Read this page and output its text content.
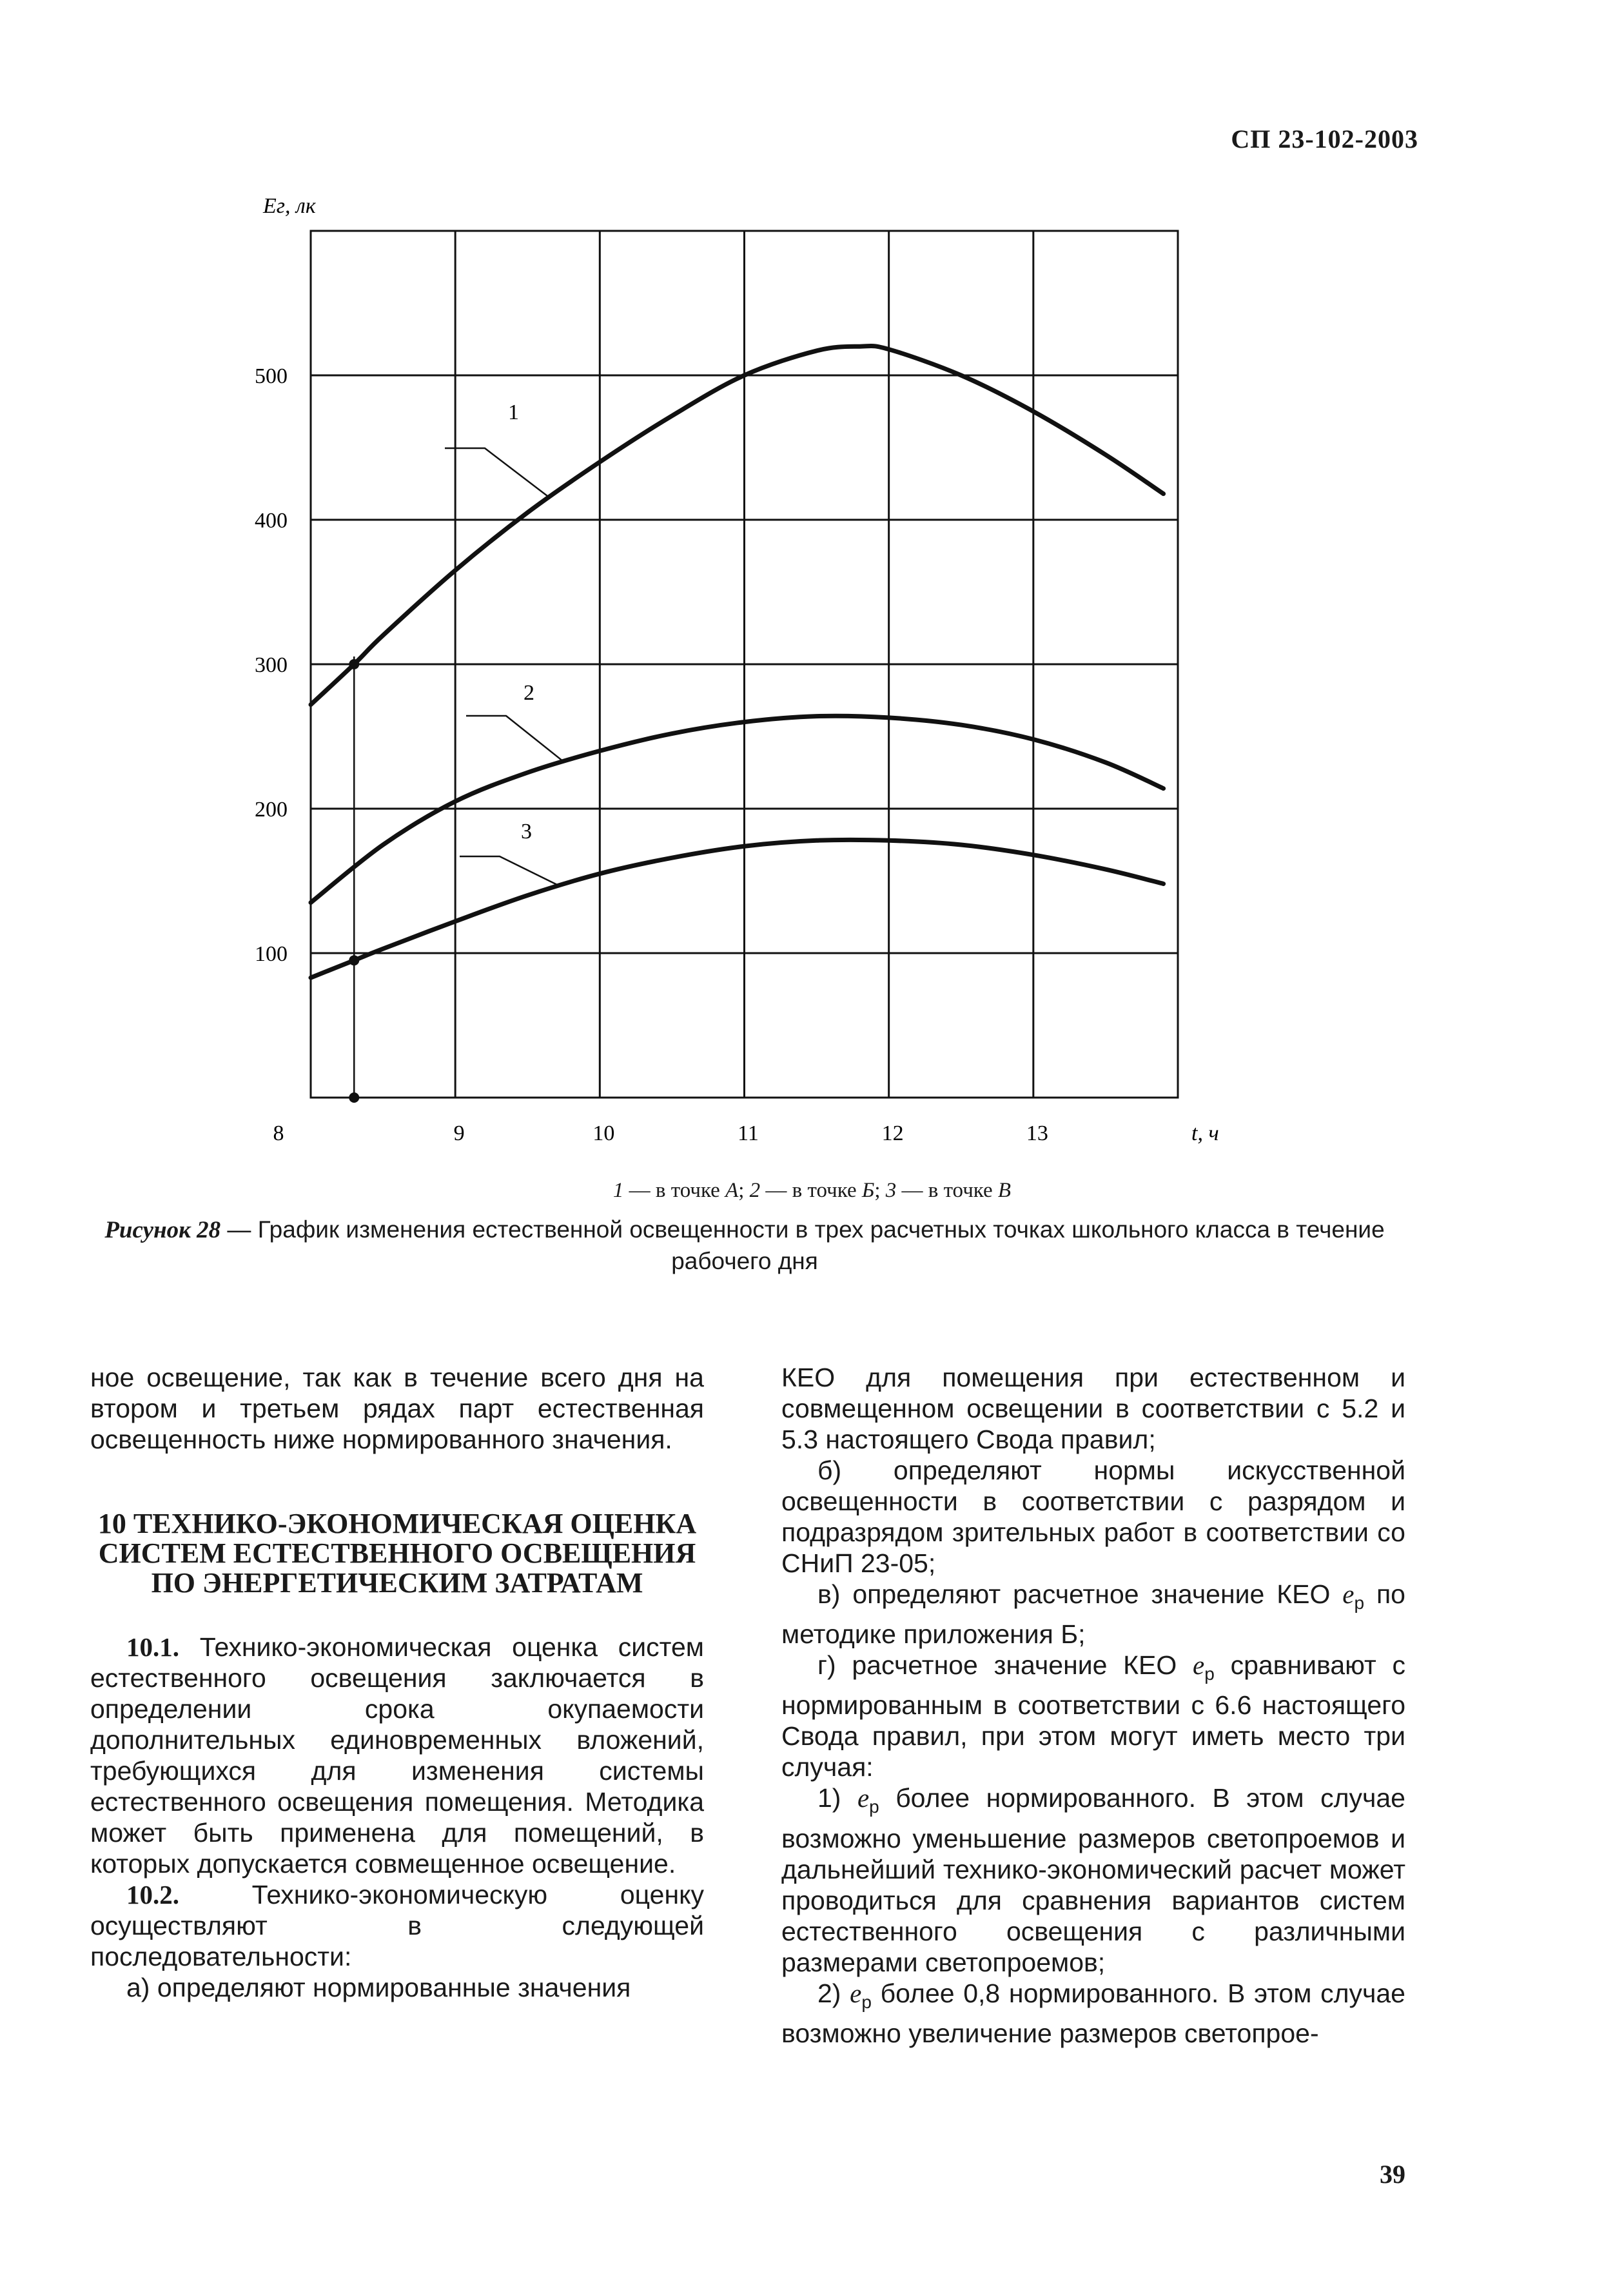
СП 23-102-2003
1
2
3
100
200
300
400
500
8	9	10	11	12	13
Eг, лк
t, ч
1 — в точке А; 2 — в точке Б; 3 — в точке В
Рисунок 28 — График изменения естественной освещенности в трех расчетных точках школьного класса в течение рабочего дня

ное освещение, так как в течение всего дня на втором и третьем рядах парт естественная освещенность ниже нормированного значения.

10 ТЕХНИКО-ЭКОНОМИЧЕСКАЯ ОЦЕНКА СИСТЕМ ЕСТЕСТВЕННОГО ОСВЕЩЕНИЯ ПО ЭНЕРГЕТИЧЕСКИМ ЗАТРАТАМ

10.1. Технико-экономическая оценка систем естественного освещения заключается в определении срока окупаемости дополнительных единовременных вложений, требующихся для изменения системы естественного освещения помещения. Методика может быть применена для помещений, в которых допускается совмещенное освещение.

10.2. Технико-экономическую оценку осуществляют в следующей последовательности:

а) определяют нормированные значения

КЕО для помещения при естественном и совмещенном освещении в соответствии с 5.2 и 5.3 настоящего Свода правил;

б) определяют нормы искусственной освещенности в соответствии с разрядом и подразрядом зрительных работ в соответствии со СНиП 23-05;

в) определяют расчетное значение КЕО $e_р$ по методике приложения Б;

г) расчетное значение КЕО $e_р$ сравнивают с нормированным в соответствии с 6.6 настоящего Свода правил, при этом могут иметь место три случая:

1) $e_р$ более нормированного. В этом случае возможно уменьшение размеров светопроемов и дальнейший технико-экономический расчет может проводиться для сравнения вариантов систем естественного освещения с различными размерами светопроемов;

2) $e_р$ более 0,8 нормированного. В этом случае возможно увеличение размеров светопрое-

39
